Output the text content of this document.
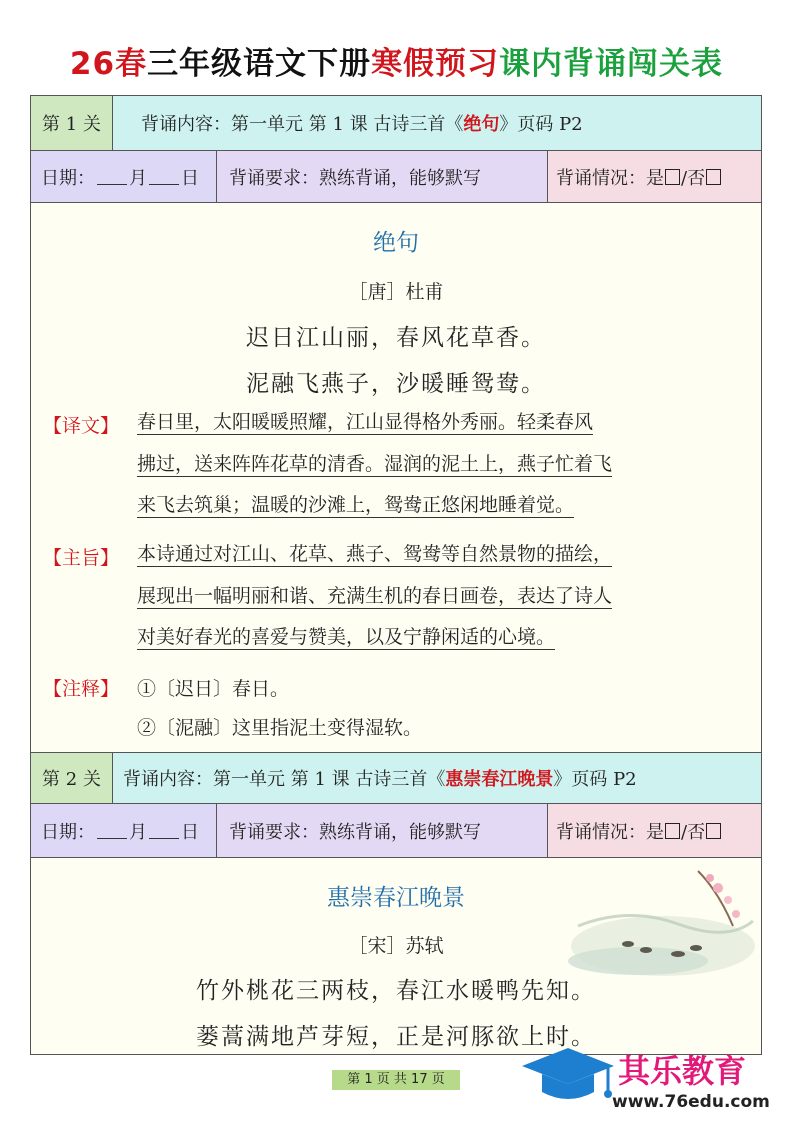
26春三年级语文下册寒假预习课内背诵闯关表
第 1 关	背诵内容：第一单元 第 1 课 古诗三首《 绝句 》页码 P2
日期： 月 日	背诵要求：熟练背诵，能够默写	背诵情况：是 /否
绝句
［唐］杜甫
迟日江山丽，春风花草香。
泥融飞燕子，沙暖睡鸳鸯。
【译文】 春日里，太阳暖暖照耀，江山显得格外秀丽。轻柔春风
拂过，送来阵阵花草的清香。湿润的泥土上，燕子忙着飞
来飞去筑巢；温暖的沙滩上，鸳鸯正悠闲地睡着觉。
【主旨】 本诗通过对江山、花草、燕子、鸳鸯等自然景物的描绘，
展现出一幅明丽和谐、充满生机的春日画卷，表达了诗人
对美好春光的喜爱与赞美，以及宁静闲适的心境。
【注释】 ①〔迟日〕春日。
②〔泥融〕这里指泥土变得湿软。
第 2 关	背诵内容：第一单元 第 1 课 古诗三首《 惠崇春江晚景 》页码 P2
日期： 月 日	背诵要求：熟练背诵，能够默写	背诵情况：是 /否
惠崇春江晚景
［宋］苏轼
竹外桃花三两枝，春江水暖鸭先知。
蒌蒿满地芦芽短，正是河豚欲上时。
第 1 页 共 17 页	其乐教育
www.76edu.com
